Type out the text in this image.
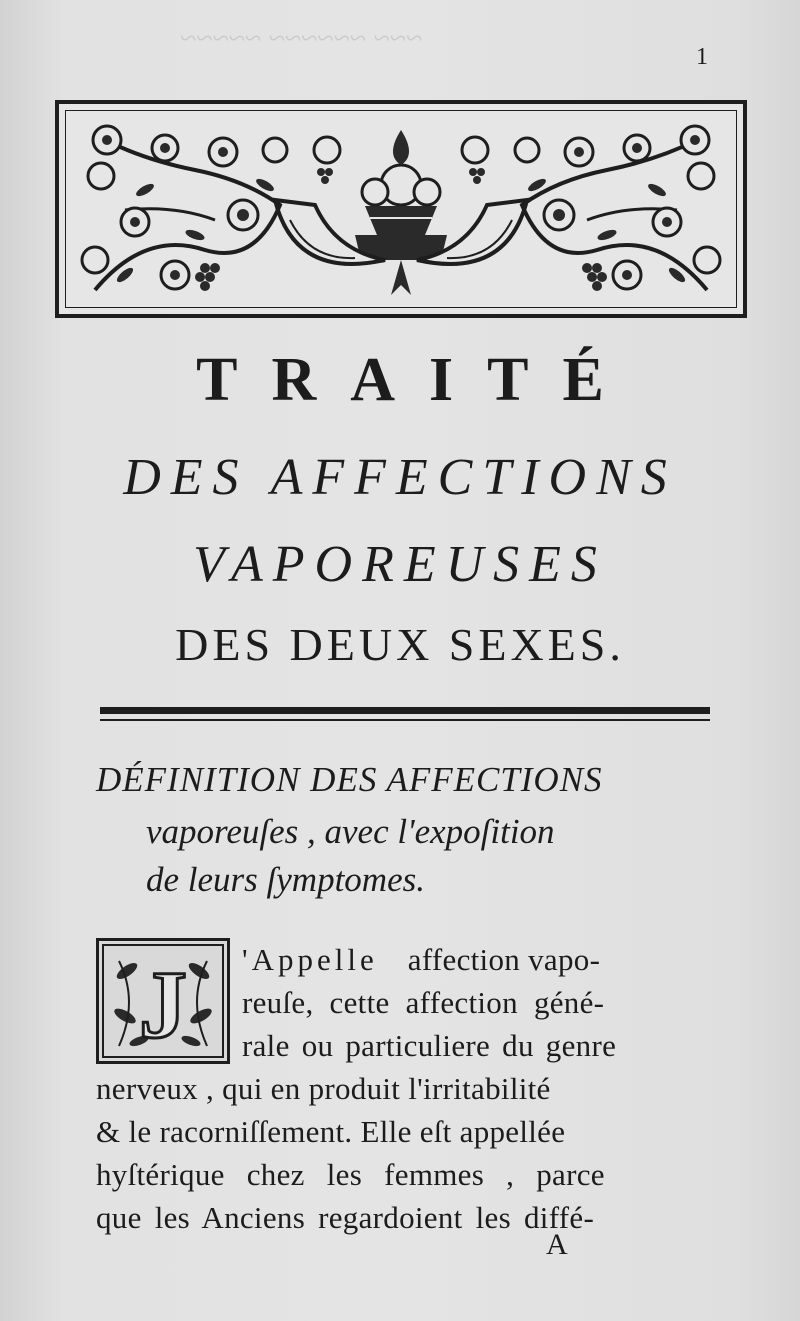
~~~ ~~~~~~ ~~~~~
1
TRAITÉ
DES AFFECTIONS
VAPOREUSES
DES DEUX SEXES.
DÉFINITION DES AFFECTIONS
vaporeuſes , avec l'expoſition
de leurs ſymptomes.
J 'Appelle affection vapo-
reuſe, cette affection géné-
rale ou particuliere du genre
nerveux , qui en produit l'irritabilité
& le racorniſſement. Elle eſt appellée
hyſtérique chez les femmes , parce
que les Anciens regardoient les diffé-
A
